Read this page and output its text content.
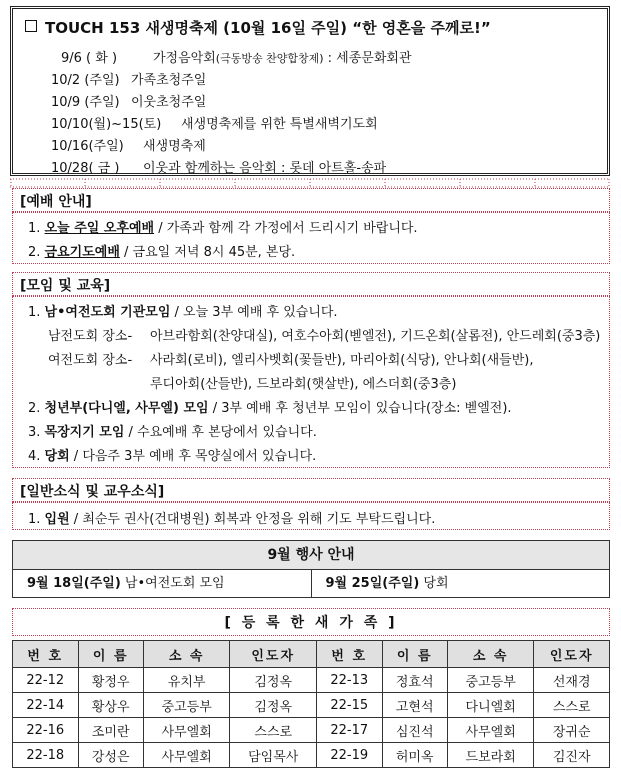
TOUCH 153 새생명축제 (10월 16일 주일) “한 영혼을 주께로!”
9/6 ( 화 )	가정음악회(극동방송 찬양합창제) : 세종문화회관
10/2 (주일) 가족초청주일
10/9 (주일) 이웃초청주일
10/10(월)~15(토) 새생명축제를 위한 특별새벽기도회
10/16(주일) 새생명축제
10/28( 금 ) 이웃과 함께하는 음악회 : 롯데 아트홀-송파
[예배 안내]
1. 오늘 주일 오후예배 / 가족과 함께 각 가정에서 드리시기 바랍니다.
2. 금요기도예배 / 금요일 저녁 8시 45분, 본당.
[모임 및 교육]
1. 남•여전도회 기관모임 / 오늘 3부 예배 후 있습니다.
남전도회 장소- 아브라함회(찬양대실), 여호수아회(벧엘전), 기드온회(살롬전), 안드레회(중3층)
여전도회 장소- 사라회(로비), 엘리사벳회(꽃들반), 마리아회(식당), 안나회(새들반),
루디아회(산들반), 드보라회(햇살반), 에스더회(중3층)
2. 청년부(다니엘, 사무엘) 모임 / 3부 예배 후 청년부 모임이 있습니다(장소: 벧엘전).
3. 목장지기 모임 / 수요예배 후 본당에서 있습니다.
4. 당회 / 다음주 3부 예배 후 목양실에서 있습니다.
[일반소식 및 교우소식]
1. 입원 / 최순두 권사(건대병원) 회복과 안정을 위해 기도 부탁드립니다.
9월 행사 안내
9월 18일(주일) 남•여전도회 모임	9월 25일(주일) 당회
[ 등 록 한 새 가 족 ]
번 호	이 름	소 속	인도자	번 호	이 름	소 속	인도자
22-12	황정우	유치부	김정옥	22-13	정효석	중고등부	선재경
22-14	황상우	중고등부	김정옥	22-15	고현석	다니엘회	스스로
22-16	조미란	사무엘회	스스로	22-17	심진석	사무엘회	장귀순
22-18	강성은	사무엘회	담임목사	22-19	허미옥	드보라회	김진자
